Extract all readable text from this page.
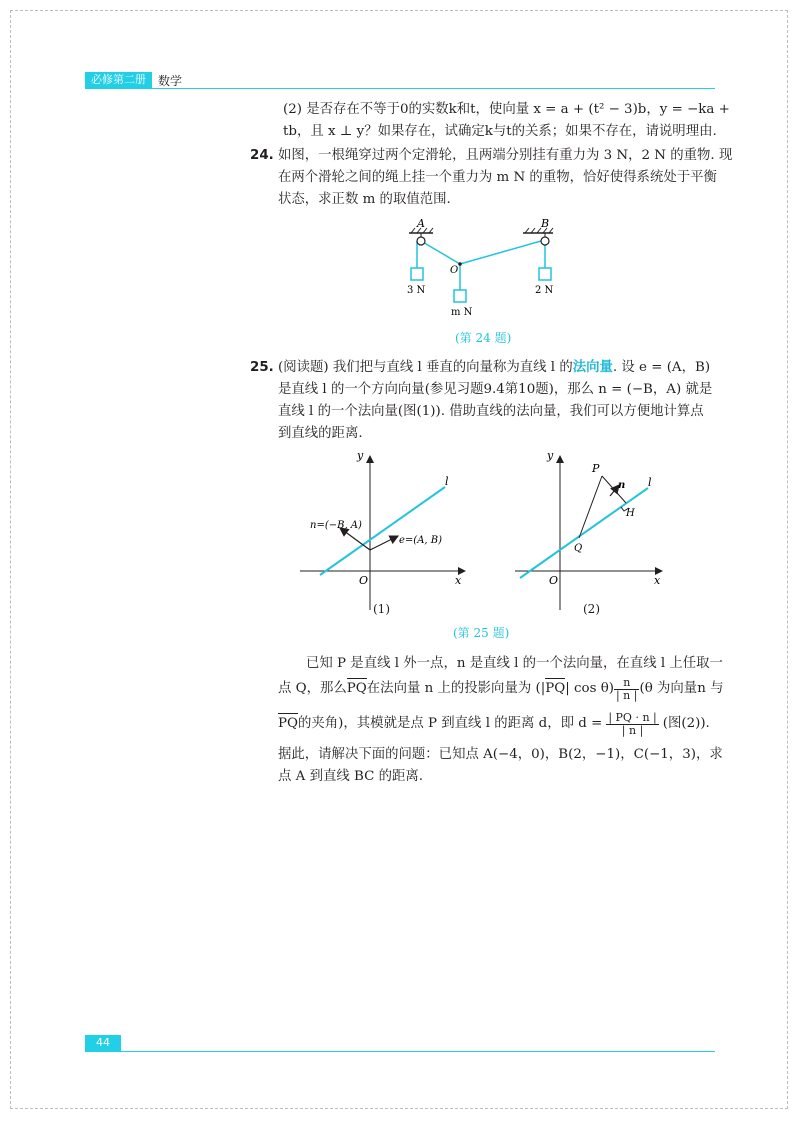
必修第二册	数学
(2) 是否存在不等于0的实数k和t，使向量 x = a + (t² − 3)b，y = −ka +
tb，且 x ⊥ y？如果存在，试确定k与t的关系；如果不存在，请说明理由.
24. 如图，一根绳穿过两个定滑轮，且两端分别挂有重力为 3 N，2 N 的重物. 现
在两个滑轮之间的绳上挂一个重力为 m N 的重物，恰好使得系统处于平衡
状态，求正数 m 的取值范围.
A	B
O
3 N	2 N
m N
(第 24 题)
25. (阅读题) 我们把与直线 l 垂直的向量称为直线 l 的法向量. 设 e = (A，B)
是直线 l 的一个方向向量(参见习题9.4第10题)，那么 n = (−B，A) 就是
直线 l 的一个法向量(图(1)). 借助直线的法向量，我们可以方便地计算点
到直线的距离.
y
x
O
l
n=(−B, A)
e=(A, B)
(1)
y
x
O
l
P
n
H
Q
(2)
(第 25 题)
已知 P 是直线 l 外一点，n 是直线 l 的一个法向量，在直线 l 上任取一
点 Q，那么 PQ 在法向量 n 上的投影向量为 (| PQ | $\cos \theta) \frac{n}{| n |} (\theta$ 为向量n 与
PQ 的夹角)，其模就是点 P 到直线 l 的距离 d，即 $d = \frac{| PQ \cdot n |}{| n |}$ (图(2)).
据此，请解决下面的问题：已知点 A(−4，0)，B(2，−1)，C(−1，3)，求
点 A 到直线 BC 的距离.
44
